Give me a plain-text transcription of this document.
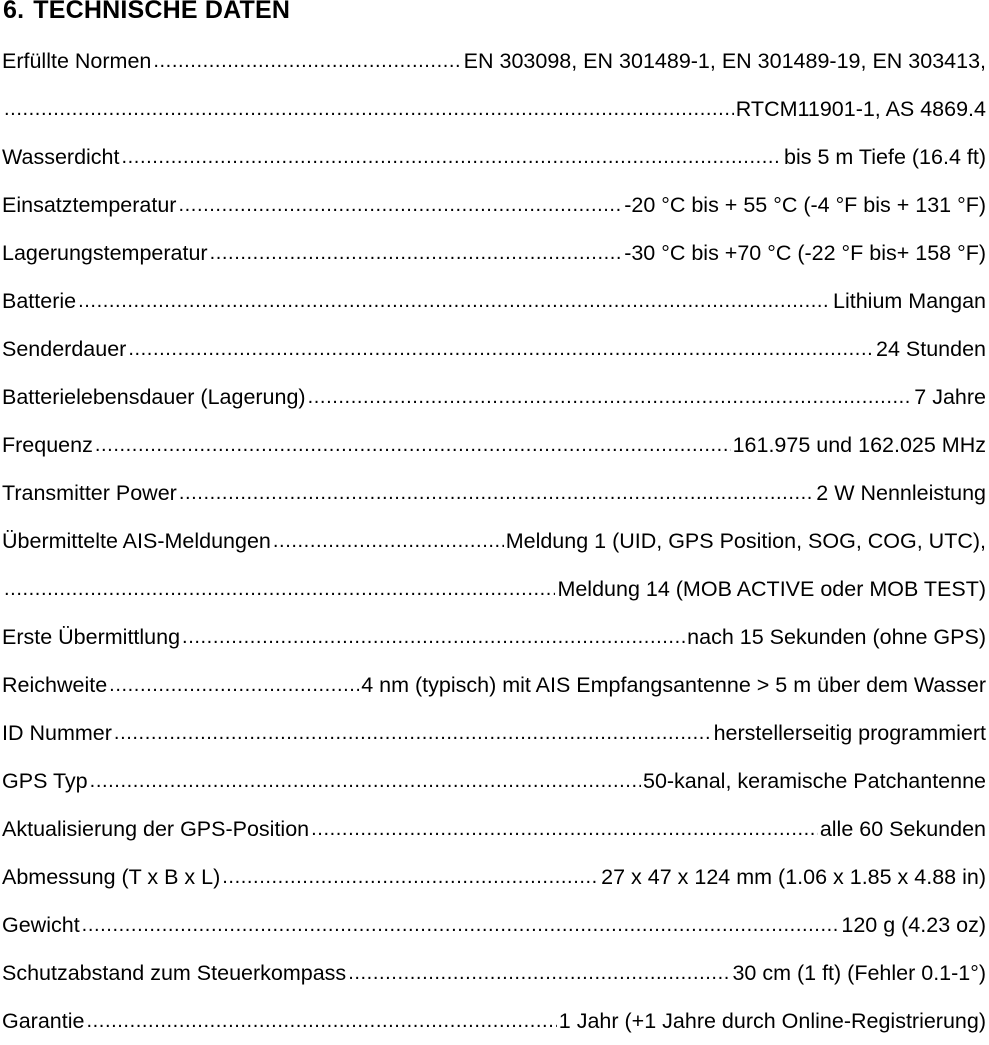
6. TECHNISCHE DATEN
Erfüllte Normen .....	EN 303098, EN 301489-1, EN 301489-19, EN 303413,
.....
RTCM11901-1, AS 4869.4
Wasserdicht .....	bis 5 m Tiefe (16.4 ft)
Einsatztemperatur .....	-20 °C bis + 55 °C (-4 °F bis + 131 °F)
Lagerungstemperatur .....	-30 °C bis +70 °C (-22 °F bis+ 158 °F)
Batterie .....	Lithium Mangan
Senderdauer .....	24 Stunden
Batterielebensdauer (Lagerung) .....	7 Jahre
Frequenz .....	161.975 und 162.025 MHz
Transmitter Power .....	2 W Nennleistung
Übermittelte AIS-Meldungen .....	Meldung 1 (UID, GPS Position, SOG, COG, UTC),
.....
Meldung 14 (MOB ACTIVE oder MOB TEST)
Erste Übermittlung .....	nach 15 Sekunden (ohne GPS)
Reichweite .....	4 nm (typisch) mit AIS Empfangsantenne > 5 m über dem Wasser
ID Nummer .....	herstellerseitig programmiert
GPS Typ .....	50-kanal, keramische Patchantenne
Aktualisierung der GPS-Position .....	alle 60 Sekunden
Abmessung (T x B x L) .....	27 x 47 x 124 mm (1.06 x 1.85 x 4.88 in)
Gewicht .....	120 g (4.23 oz)
Schutzabstand zum Steuerkompass .....	30 cm (1 ft) (Fehler 0.1-1°)
Garantie .....	1 Jahr (+1 Jahre durch Online-Registrierung)
